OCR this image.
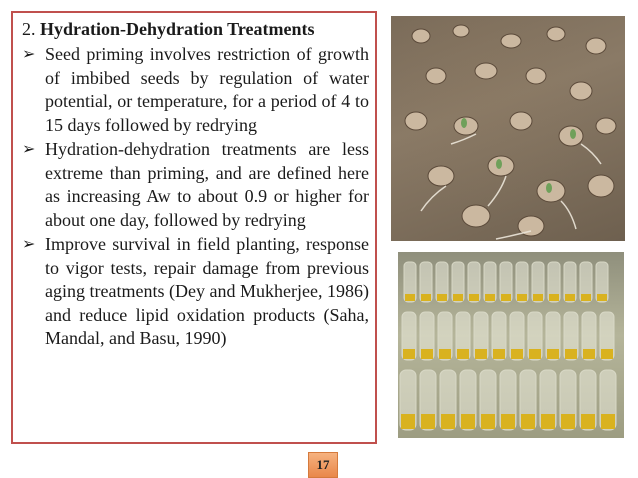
2. Hydration-Dehydration Treatments
➢ Seed priming involves restriction of growth of imbibed seeds by regulation of water potential, or temperature, for a period of 4 to 15 days followed by redrying
➢ Hydration-dehydration treatments are less extreme than priming, and are defined here as increasing Aw to about 0.9 or higher for about one day, followed by redrying
➢ Improve survival in field planting, response to vigor tests, repair damage from previous aging treatments (Dey and Mukherjee, 1986) and reduce lipid oxidation products (Saha, Mandal, and Basu, 1990)
17
